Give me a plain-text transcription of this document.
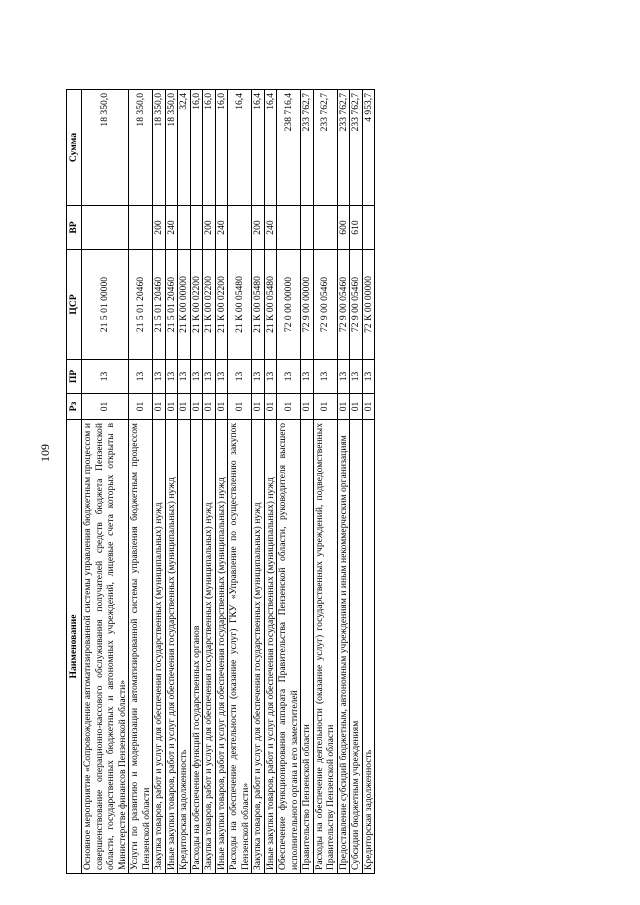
109
Наименование	Рз	ПР	ЦСР	ВР	Сумма
Основное мероприятие «Сопровождение автоматизированной системы управления бюджетным процессом и совершенствование операционно-кассового обслуживания получателей средств бюджета Пензенской области, государственных бюджетных и автономных учреждений, лицевые счета которых открыты в Министерстве финансов Пензенской области»	01	13	21 5 01 00000		18 350,0
Услуги по развитию и модернизации автоматизированной системы управления бюджетным процессом Пензенской области	01	13	21 5 01 20460		18 350,0
Закупка товаров, работ и услуг для обеспечения государственных (муниципальных) нужд	01	13	21 5 01 20460	200	18 350,0
Иные закупки товаров, работ и услуг для обеспечения государственных (муниципальных) нужд	01	13	21 5 01 20460	240	18 350,0
Кредиторская задолженность	01	13	21 К 00 00000		32,4
Расходы на обеспечение функций государственных органов	01	13	21 К 00 02200		16,0
Закупка товаров, работ и услуг для обеспечения государственных (муниципальных) нужд	01	13	21 К 00 02200	200	16,0
Иные закупки товаров, работ и услуг для обеспечения государственных (муниципальных) нужд	01	13	21 К 00 02200	240	16,0
Расходы на обеспечение деятельности (оказание услуг) ГКУ «Управление по осуществлению закупок Пензенской области»	01	13	21 К 00 05480		16,4
Закупка товаров, работ и услуг для обеспечения государственных (муниципальных) нужд	01	13	21 К 00 05480	200	16,4
Иные закупки товаров, работ и услуг для обеспечения государственных (муниципальных) нужд	01	13	21 К 00 05480	240	16,4
Обеспечение функционирования аппарата Правительства Пензенской области, руководителя высшего исполнительного органа и его заместителей	01	13	72 0 00 00000		238 716,4
Правительство Пензенской области	01	13	72 9 00 00000		233 762,7
Расходы на обеспечение деятельности (оказание услуг) государственных учреждений, подведомственных Правительству Пензенской области	01	13	72 9 00 05460		233 762,7
Предоставление субсидий бюджетным, автономным учреждениям и иным некоммерческим организациям	01	13	72 9 00 05460	600	233 762,7
Субсидии бюджетным учреждениям	01	13	72 9 00 05460	610	233 762,7
Кредиторская задолженность	01	13	72 К 00 00000		4 953,7
